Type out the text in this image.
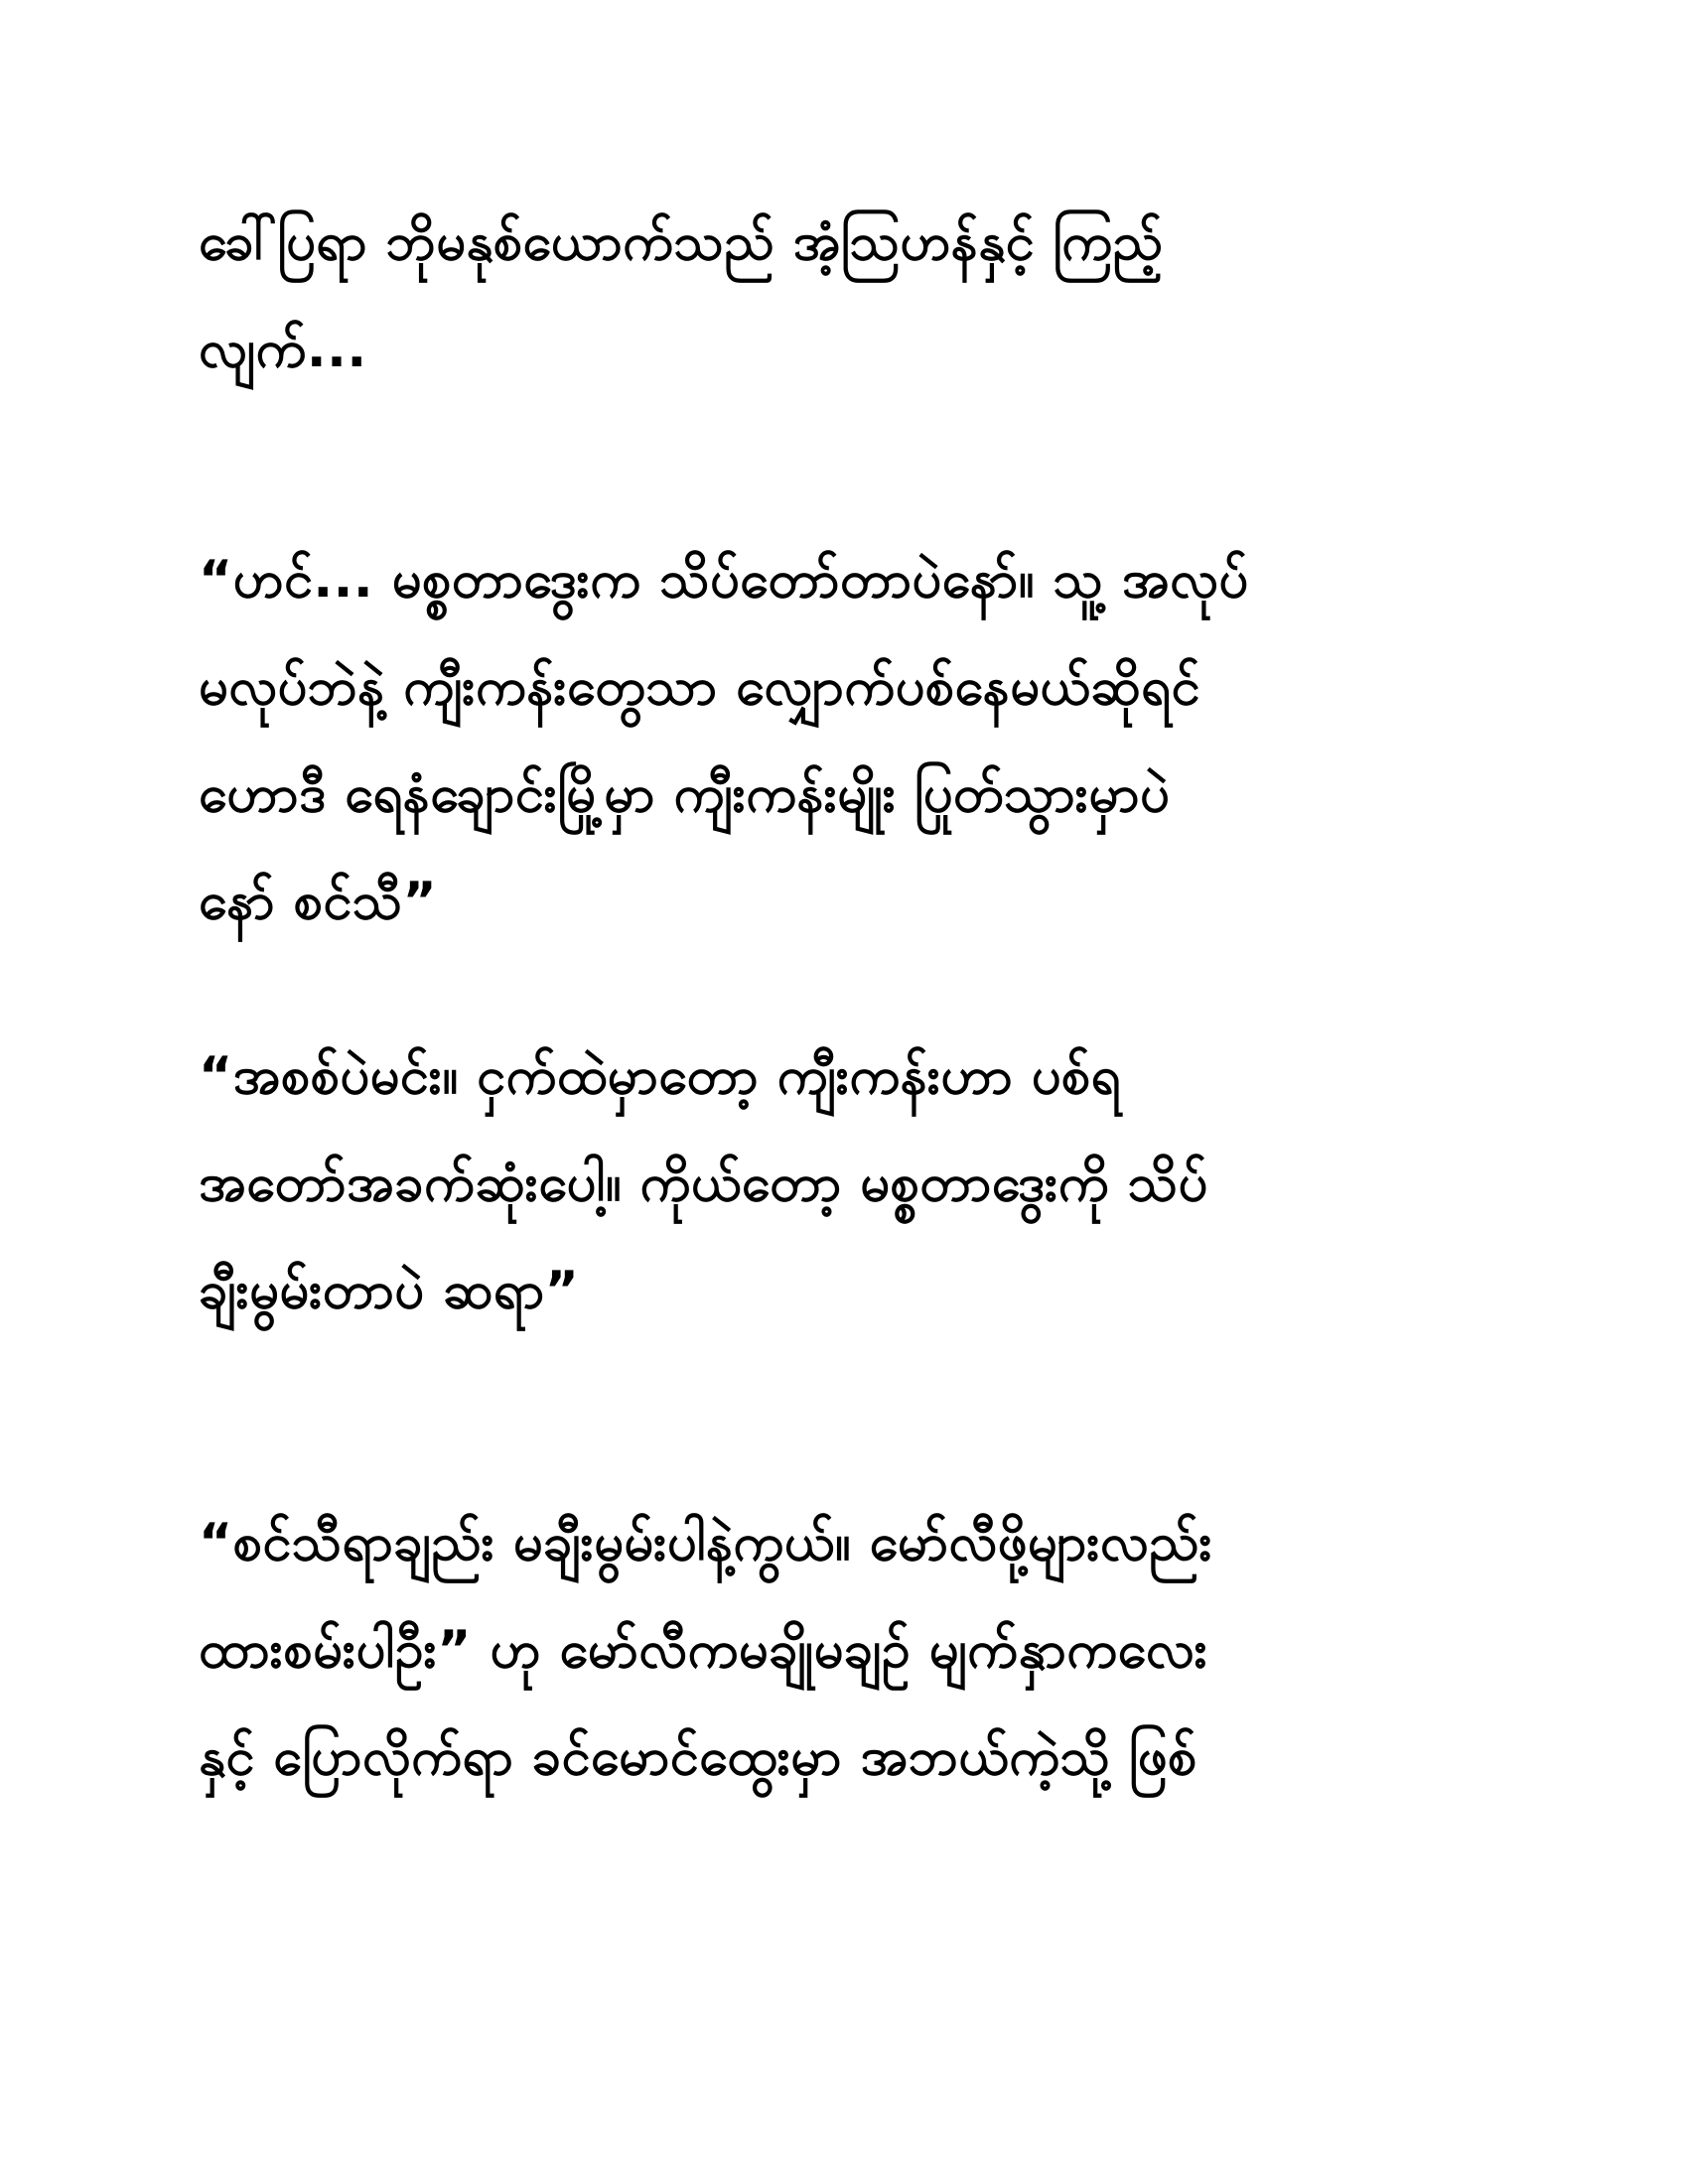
ခေါ်ပြရာ ဘိုမနုစ်ယောက်သည် အံ့သြဟန်နှင့် ကြည့်
လျက်...
“ဟင်... မစ္စတာဒွေးက သိပ်တော်တာပဲနော်။ သူ့ အလုပ်
မလုပ်ဘဲနဲ့ ကျီးကန်းတွေသာ လျှောက်ပစ်နေမယ်ဆိုရင်
ဟောဒီ ရေနံချောင်းမြို့မှာ ကျီးကန်းမျိုး ပြုတ်သွားမှာပဲ
နော် စင်သီ”
“အစစ်ပဲမင်း။ ငှက်ထဲမှာတော့ ကျီးကန်းဟာ ပစ်ရ
အတော်အခက်ဆုံးပေါ့။ ကိုယ်တော့ မစ္စတာဒွေးကို သိပ်
ချီးမွမ်းတာပဲ ဆရာ”
“စင်သီရာချည်း မချီးမွမ်းပါနဲ့ကွယ်။ မော်လီဖို့များလည်း
ထားစမ်းပါဦး” ဟု မော်လီကမချိုမချဉ် မျက်နှာကလေး
နှင့် ပြောလိုက်ရာ ခင်မောင်ထွေးမှာ အဘယ်ကဲ့သို့ ဖြစ်
